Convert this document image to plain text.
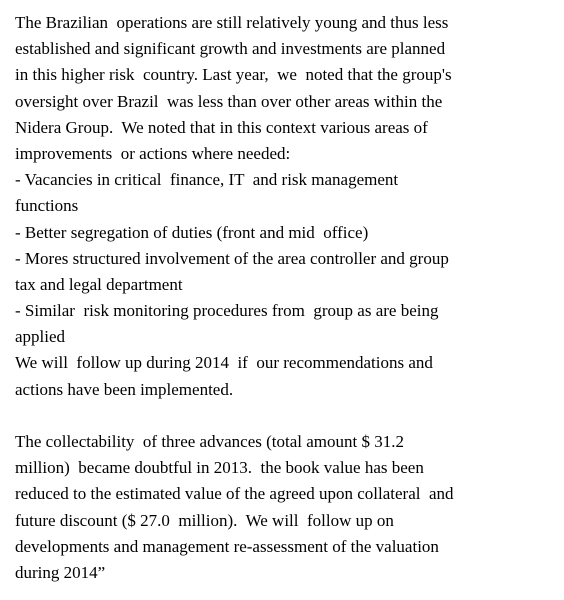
The Brazilian  operations are still relatively young and thus less
established and significant growth and investments are planned
in this higher risk  country. Last year,  we  noted that the group's
oversight over Brazil  was less than over other areas within the
Nidera Group.  We noted that in this context various areas of
improvements  or actions where needed:
- Vacancies in critical  finance, IT  and risk management
functions
- Better segregation of duties (front and mid  office)
- Mores structured involvement of the area controller and group
tax and legal department
- Similar  risk monitoring procedures from  group as are being
applied
We will  follow up during 2014  if  our recommendations and
actions have been implemented.
The collectability  of three advances (total amount $ 31.2
million)  became doubtful in 2013.  the book value has been
reduced to the estimated value of the agreed upon collateral  and
future discount ($ 27.0  million).  We will  follow up on
developments and management re-assessment of the valuation
during 2014”
